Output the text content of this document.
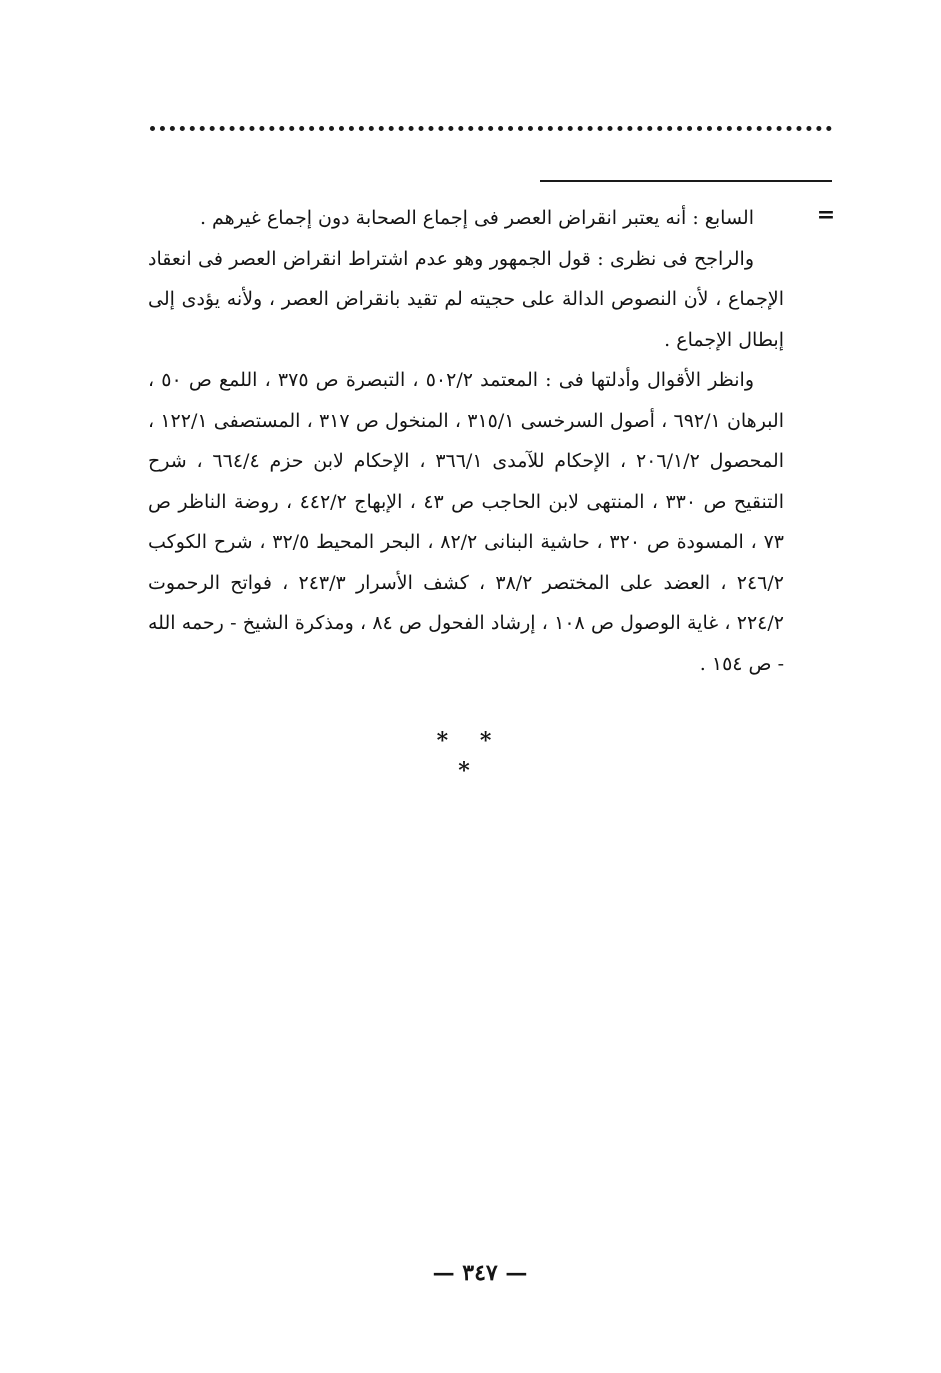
=

السابع : أنه يعتبر انقراض العصر فى إجماع الصحابة دون إجماع غيرهم .

والراجح فى نظرى : قول الجمهور وهو عدم اشتراط انقراض العصر فى انعقاد الإجماع ، لأن النصوص الدالة على حجيته لم تقيد بانقراض العصر ، ولأنه يؤدى إلى إبطال الإجماع .

وانظر الأقوال وأدلتها فى : المعتمد ٥٠٢/٢ ، التبصرة ص ٣٧٥ ، اللمع ص ٥٠ ، البرهان ٦٩٢/١ ، أصول السرخسى ٣١٥/١ ، المنخول ص ٣١٧ ، المستصفى ١٢٢/١ ، المحصول ٢٠٦/١/٢ ، الإحكام للآمدى ٣٦٦/١ ، الإحكام لابن حزم ٦٦٤/٤ ، شرح التنقيح ص ٣٣٠ ، المنتهى لابن الحاجب ص ٤٣ ، الإبهاج ٤٤٢/٢ ، روضة الناظر ص ٧٣ ، المسودة ص ٣٢٠ ، حاشية البنانى ٨٢/٢ ، البحر المحيط ٣٢/٥ ، شرح الكوكب ٢٤٦/٢ ، العضد على المختصر ٣٨/٢ ، كشف الأسرار ٢٤٣/٣ ، فواتح الرحموت ٢٢٤/٢ ، غاية الوصول ص ١٠٨ ، إرشاد الفحول ص ٨٤ ، ومذكرة الشيخ - رحمه الله - ص ١٥٤ .

* * *
— ٣٤٧ —
